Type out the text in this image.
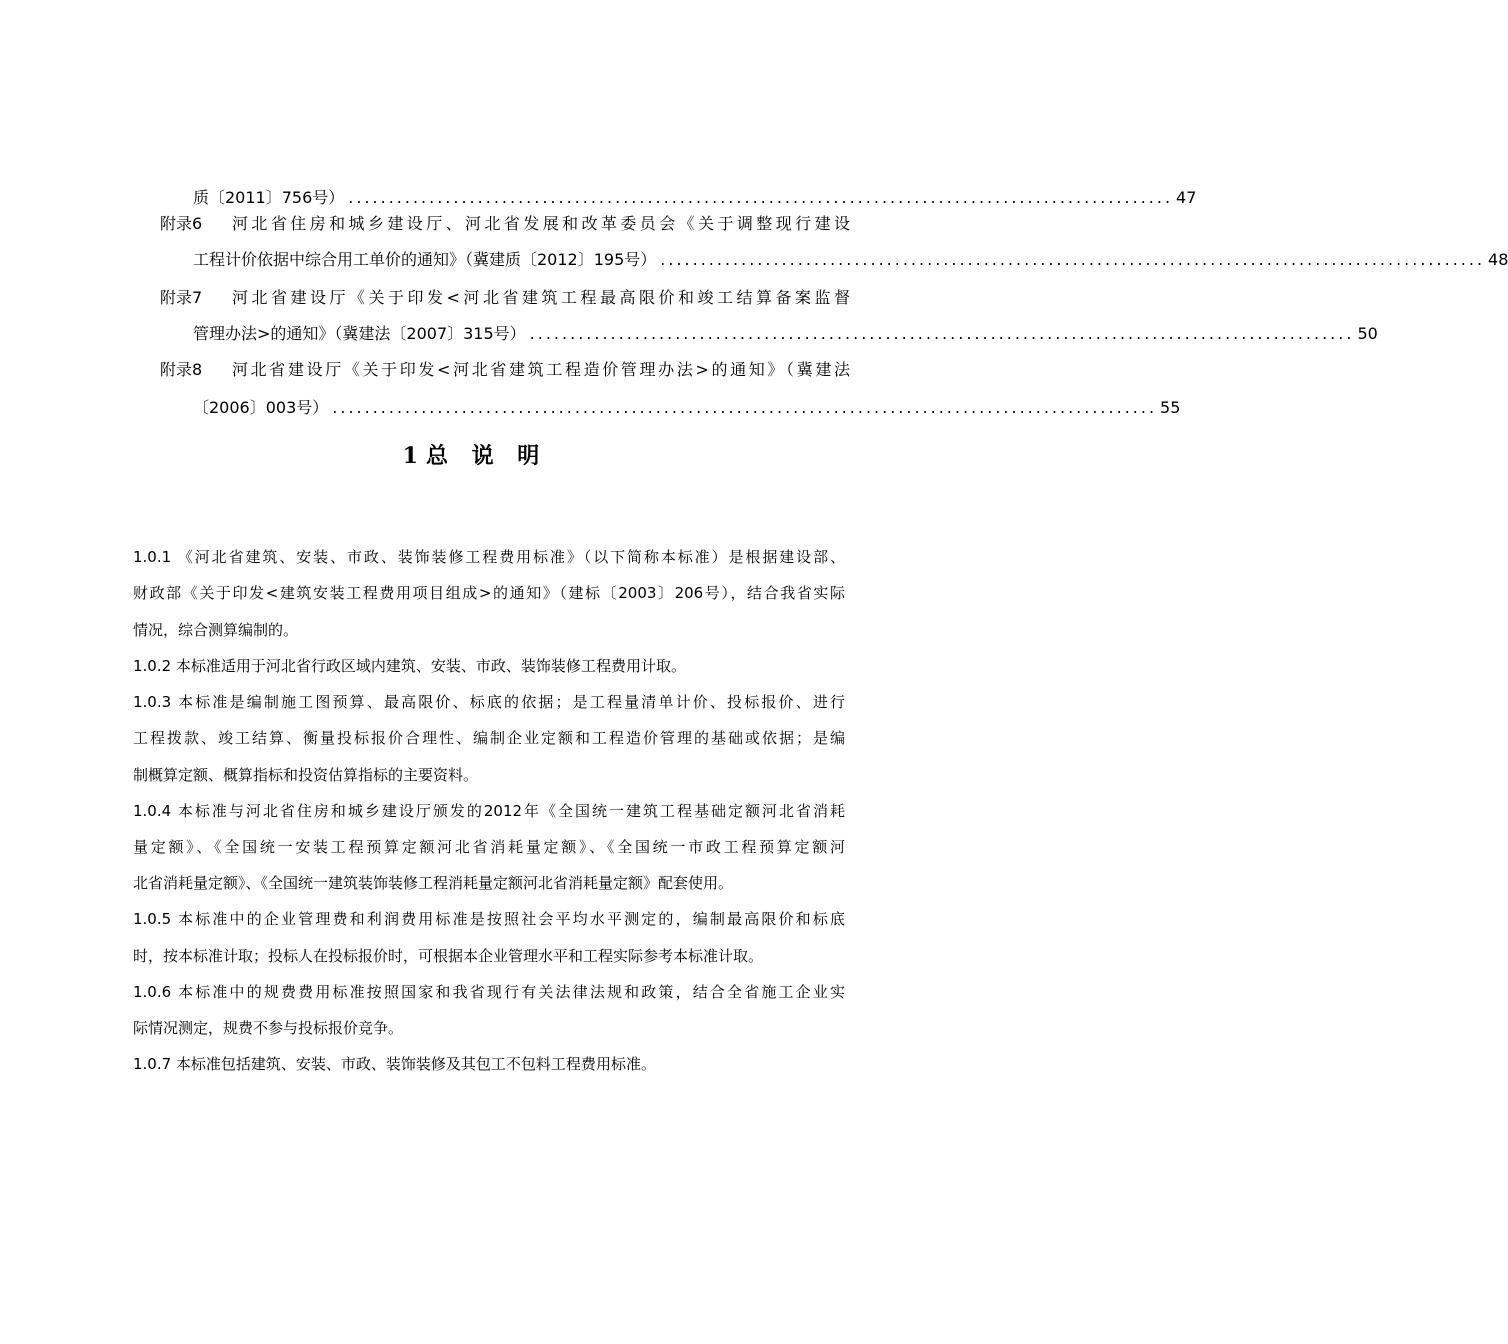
质〔2011〕756号） ...................................................................................................... 47
附录6	河北省住房和城乡建设厅、河北省发展和改革委员会《关于调整现行建设
工程计价依据中综合用工单价的通知》（冀建质〔2012〕195号） ...................................................................................................... 48
附录7	河北省建设厅《关于印发<河北省建筑工程最高限价和竣工结算备案监督
管理办法>的通知》（冀建法〔2007〕315号） ...................................................................................................... 50
附录8	河北省建设厅《关于印发<河北省建筑工程造价管理办法>的通知》（冀建法
〔2006〕003号） ...................................................................................................... 55
1总 说 明
1.0.1 《河北省建筑、安装、市政、装饰装修工程费用标准》（以下简称本标准）是根据建设部、
财政部《关于印发<建筑安装工程费用项目组成>的通知》（建标〔2003〕206号），结合我省实际
情况，综合测算编制的。
1.0.2 本标准适用于河北省行政区域内建筑、安装、市政、装饰装修工程费用计取。
1.0.3 本标准是编制施工图预算、最高限价、标底的依据；是工程量清单计价、投标报价、进行
工程拨款、竣工结算、衡量投标报价合理性、编制企业定额和工程造价管理的基础或依据；是编
制概算定额、概算指标和投资估算指标的主要资料。
1.0.4 本标准与河北省住房和城乡建设厅颁发的2012年《全国统一建筑工程基础定额河北省消耗
量定额》、《全国统一安装工程预算定额河北省消耗量定额》、《全国统一市政工程预算定额河
北省消耗量定额》、《全国统一建筑装饰装修工程消耗量定额河北省消耗量定额》配套使用。
1.0.5 本标准中的企业管理费和利润费用标准是按照社会平均水平测定的，编制最高限价和标底
时，按本标准计取；投标人在投标报价时，可根据本企业管理水平和工程实际参考本标准计取。
1.0.6 本标准中的规费费用标准按照国家和我省现行有关法律法规和政策，结合全省施工企业实
际情况测定，规费不参与投标报价竞争。
1.0.7 本标准包括建筑、安装、市政、装饰装修及其包工不包料工程费用标准。
